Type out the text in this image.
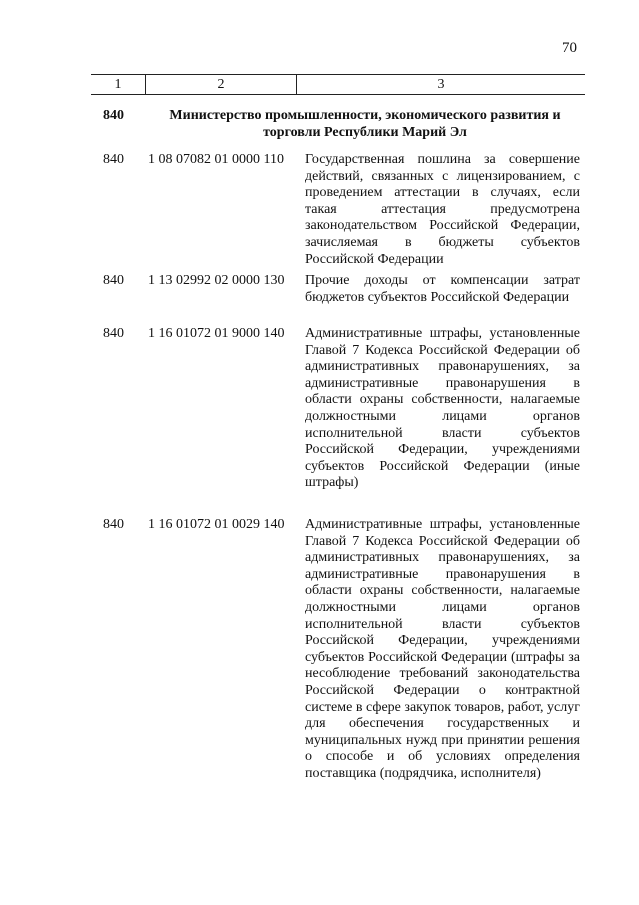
70
1	2	3
840	Министерство промышленности, экономического развития и торговли Республики Марий Эл
840	1 08 07082 01 0000 110 Государственная пошлина за совершение действий, связанных с лицензированием, с проведением аттестации в случаях, если такая аттестация предусмотрена законодательством Российской Федерации, зачисляемая в бюджеты субъектов Российской Федерации
840	1 13 02992 02 0000 130 Прочие доходы от компенсации затрат бюджетов субъектов Российской Федерации
840	1 16 01072 01 9000 140 Административные штрафы, установленные Главой 7 Кодекса Российской Федерации об административных правонарушениях, за административные правонарушения в области охраны собственности, налагаемые должностными лицами органов исполнительной власти субъектов Российской Федерации, учреждениями субъектов Российской Федерации (иные штрафы)
840	1 16 01072 01 0029 140 Административные штрафы, установленные Главой 7 Кодекса Российской Федерации об административных правонарушениях, за административные правонарушения в области охраны собственности, налагаемые должностными лицами органов исполнительной власти субъектов Российской Федерации, учреждениями субъектов Российской Федерации (штрафы за несоблюдение требований законодательства Российской Федерации о контрактной системе в сфере закупок товаров, работ, услуг для обеспечения государственных и муниципальных нужд при принятии решения о способе и об условиях определения поставщика (подрядчика, исполнителя)
